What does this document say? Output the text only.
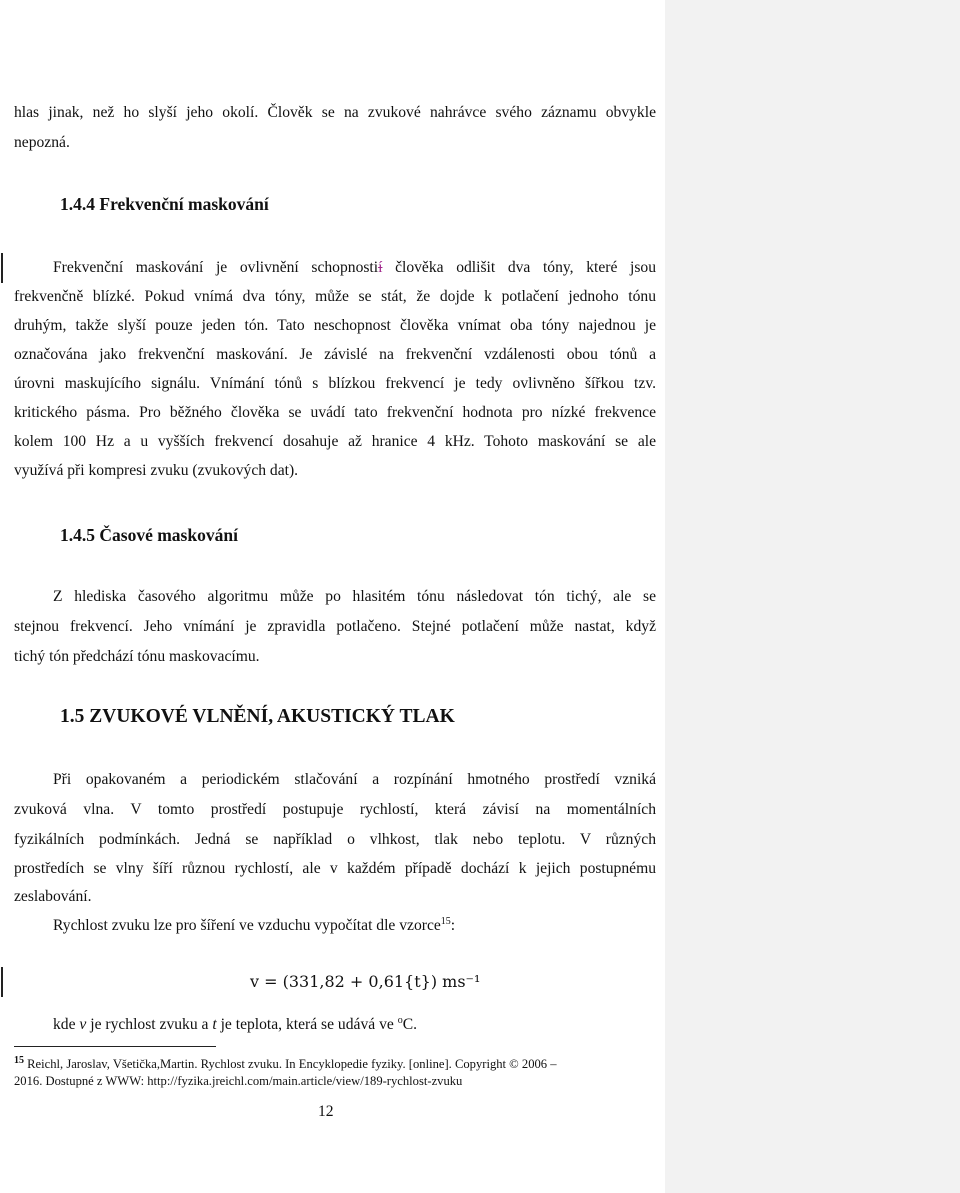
hlas jinak, než ho slyší jeho okolí. Člověk se na zvukové nahrávce svého záznamu obvykle
nepozná.
1.4.4 Frekvenční maskování
Frekvenční maskování je ovlivnění schopnostií člověka odlišit dva tóny, které jsou
frekvenčně blízké. Pokud vnímá dva tóny, může se stát, že dojde k potlačení jednoho tónu
druhým, takže slyší pouze jeden tón. Tato neschopnost člověka vnímat oba tóny najednou je
označována jako frekvenční maskování. Je závislé na frekvenční vzdálenosti obou tónů a
úrovni maskujícího signálu. Vnímání tónů s blízkou frekvencí je tedy ovlivněno šířkou tzv.
kritického pásma. Pro běžného člověka se uvádí tato frekvenční hodnota pro nízké frekvence
kolem 100 Hz a u vyšších frekvencí dosahuje až hranice 4 kHz. Tohoto maskování se ale
využívá při kompresi zvuku (zvukových dat).
1.4.5 Časové maskování
Z hlediska časového algoritmu může po hlasitém tónu následovat tón tichý, ale se
stejnou frekvencí. Jeho vnímání je zpravidla potlačeno. Stejné potlačení může nastat, když
tichý tón předchází tónu maskovacímu.
1.5 ZVUKOVÉ VLNĚNÍ, AKUSTICKÝ TLAK
Při opakovaném a periodickém stlačování a rozpínání hmotného prostředí vzniká
zvuková vlna. V tomto prostředí postupuje rychlostí, která závisí na momentálních
fyzikálních podmínkách. Jedná se například o vlhkost, tlak nebo teplotu. V různých
prostředích se vlny šíří různou rychlostí, ale v každém případě dochází k jejich postupnému
zeslabování.
Rychlost zvuku lze pro šíření ve vzduchu vypočítat dle vzorce$^{15}$:
v = (331,82 + 0,61{t}) ms⁻¹
kde v je rychlost zvuku a t je teplota, která se udává ve $^o$C.
$^{15}$ Reichl, Jaroslav, Všetička,Martin. Rychlost zvuku. In Encyklopedie fyziky. [online]. Copyright © 2006 –
2016. Dostupné z WWW: http://fyzika.jreichl.com/main.article/view/189-rychlost-zvuku
12
